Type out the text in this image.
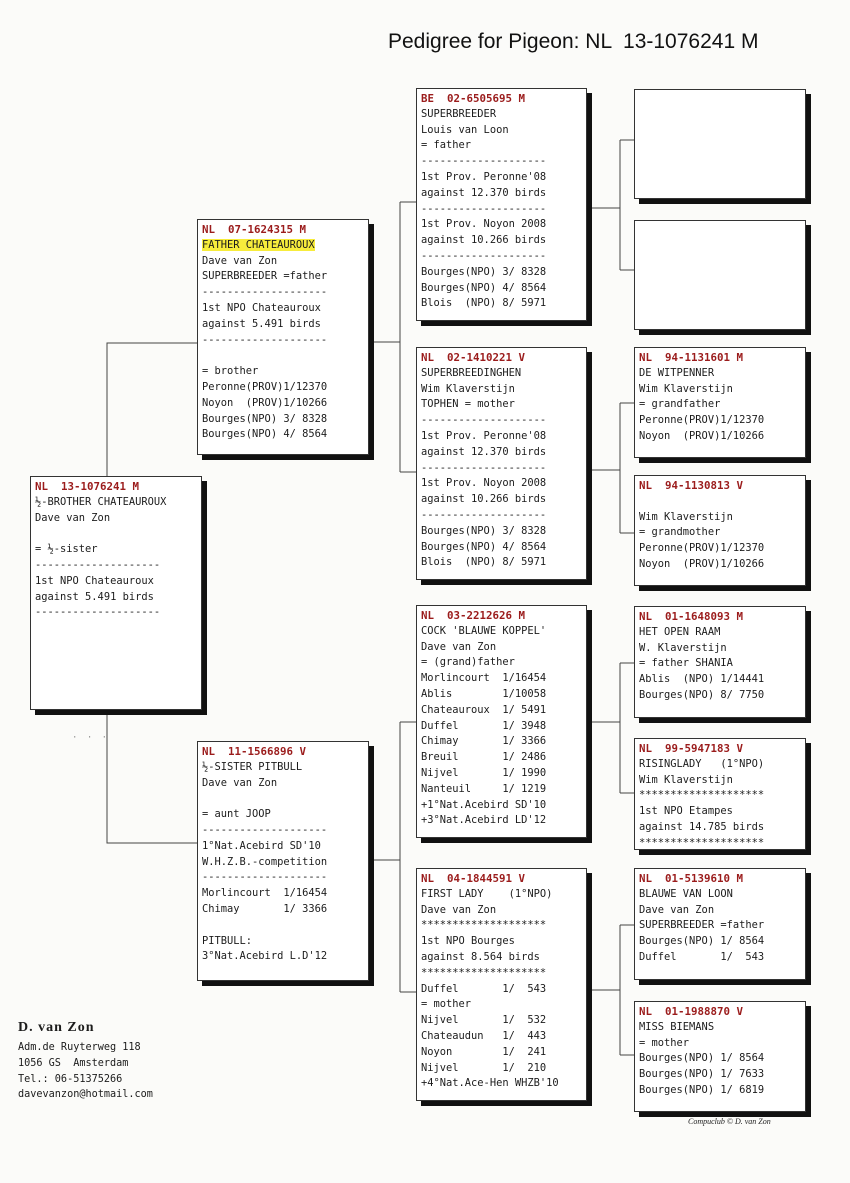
Pedigree for Pigeon: NL  13-1076241 M
NL  13-1076241 M
½-BROTHER CHATEAUROUX
Dave van Zon
= ½-sister
--------------------
1st NPO Chateauroux
against 5.491 birds
--------------------
NL  07-1624315 M
FATHER CHATEAUROUX
Dave van Zon
SUPERBREEDER =father
--------------------
1st NPO Chateauroux
against 5.491 birds
--------------------
= brother
Peronne(PROV)1/12370
Noyon  (PROV)1/10266
Bourges(NPO) 3/ 8328
Bourges(NPO) 4/ 8564
NL  11-1566896 V
½-SISTER PITBULL
Dave van Zon
= aunt JOOP
--------------------
1°Nat.Acebird SD'10
W.H.Z.B.-competition
--------------------
Morlincourt  1/16454
Chimay       1/ 3366
PITBULL:
3°Nat.Acebird L.D'12
BE  02-6505695 M
SUPERBREEDER
Louis van Loon
= father
--------------------
1st Prov. Peronne'08
against 12.370 birds
--------------------
1st Prov. Noyon 2008
against 10.266 birds
--------------------
Bourges(NPO) 3/ 8328
Bourges(NPO) 4/ 8564
Blois  (NPO) 8/ 5971
NL  02-1410221 V
SUPERBREEDINGHEN
Wim Klaverstijn
TOPHEN = mother
--------------------
1st Prov. Peronne'08
against 12.370 birds
--------------------
1st Prov. Noyon 2008
against 10.266 birds
--------------------
Bourges(NPO) 3/ 8328
Bourges(NPO) 4/ 8564
Blois  (NPO) 8/ 5971
NL  03-2212626 M
COCK 'BLAUWE KOPPEL'
Dave van Zon
= (grand)father
Morlincourt  1/16454
Ablis        1/10058
Chateauroux  1/ 5491
Duffel       1/ 3948
Chimay       1/ 3366
Breuil       1/ 2486
Nijvel       1/ 1990
Nanteuil     1/ 1219
+1°Nat.Acebird SD'10
+3°Nat.Acebird LD'12
NL  04-1844591 V
FIRST LADY    (1°NPO)
Dave van Zon
********************
1st NPO Bourges
against 8.564 birds
********************
Duffel       1/  543
= mother
Nijvel       1/  532
Chateaudun   1/  443
Noyon        1/  241
Nijvel       1/  210
+4°Nat.Ace-Hen WHZB'10
NL  94-1131601 M
DE WITPENNER
Wim Klaverstijn
= grandfather
Peronne(PROV)1/12370
Noyon  (PROV)1/10266
NL  94-1130813 V
Wim Klaverstijn
= grandmother
Peronne(PROV)1/12370
Noyon  (PROV)1/10266
NL  01-1648093 M
HET OPEN RAAM
W. Klaverstijn
= father SHANIA
Ablis  (NPO) 1/14441
Bourges(NPO) 8/ 7750
NL  99-5947183 V
RISINGLADY   (1°NPO)
Wim Klaverstijn
********************
1st NPO Etampes
against 14.785 birds
********************
NL  01-5139610 M
BLAUWE VAN LOON
Dave van Zon
SUPERBREEDER =father
Bourges(NPO) 1/ 8564
Duffel       1/  543
NL  01-1988870 V
MISS BIEMANS
= mother
Bourges(NPO) 1/ 8564
Bourges(NPO) 1/ 7633
Bourges(NPO) 1/ 6819
· · ·
D. van Zon
Adm.de Ruyterweg 118
1056 GS  Amsterdam
Tel.: 06-51375266
davevanzon@hotmail.com
Compuclub © D. van Zon
